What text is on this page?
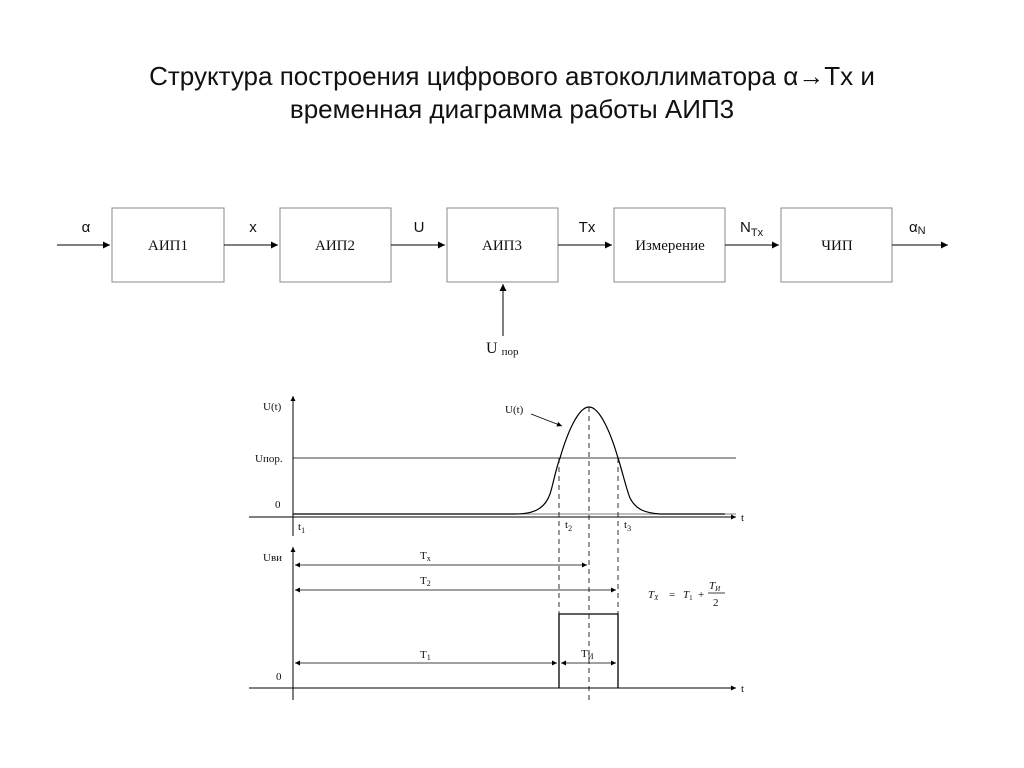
Структура построения цифрового автоколлиматора α→Tx и
временная диаграмма работы АИП3
АИП1	АИП2	АИП3	Измерение	ЧИП
α	x	U	Tx	$N_{Tx}$	αN
U пор
U(t)
Uпор.
0
U(t)
t
$t_1$	$t_2$	$t_3$
Uви
0
t
Tx
T2
T1	TИ
TX = T1 +
TИ
2
